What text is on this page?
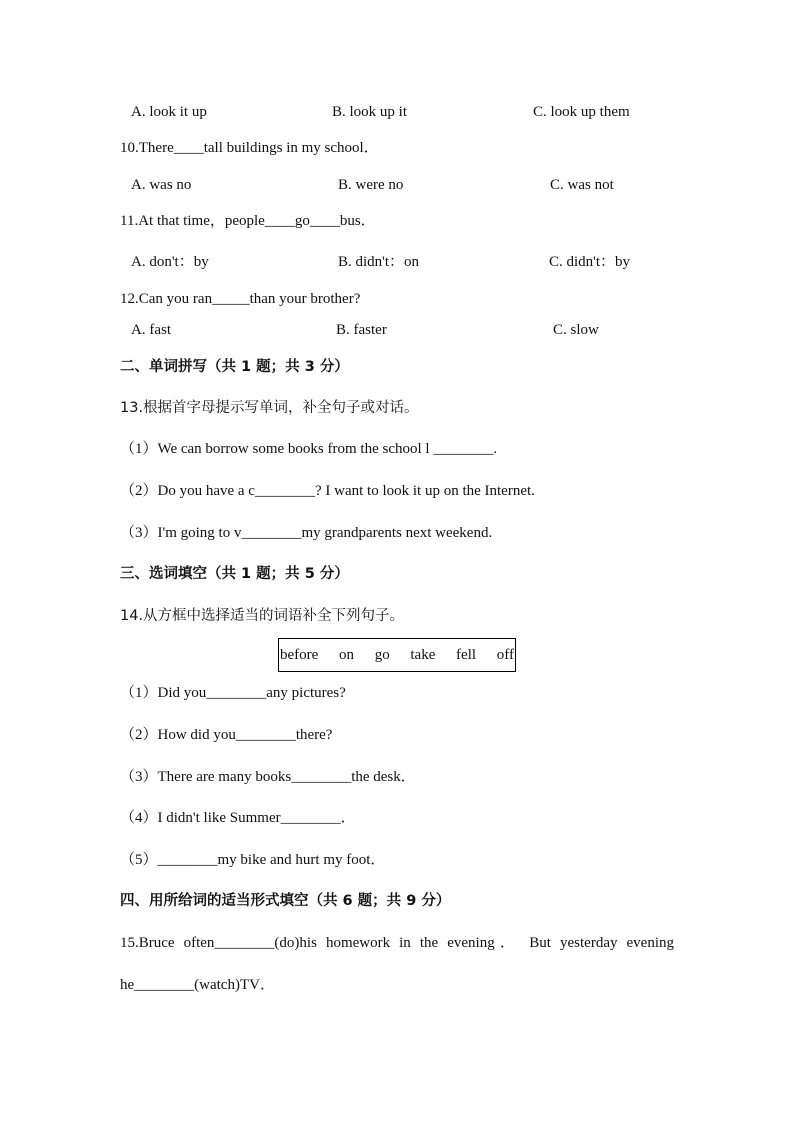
A. look it up	B. look up it	C. look up them
10.There____tall buildings in my school．
A. was no	B. were no	C. was not
11.At that time，people____go____bus．
A. don't：by	B. didn't：on	C. didn't：by
12.Can you ran_____than your brother?
A. fast	B. faster	C. slow
二、单词拼写（共 1 题；共 3 分）
13.根据首字母提示写单词，补全句子或对话。
（1）We can borrow some books from the school l ________.
（2）Do you have a c________? I want to look it up on the Internet.
（3）I'm going to v________my grandparents next weekend.
三、选词填空（共 1 题；共 5 分）
14.从方框中选择适当的词语补全下列句子。
before on go take fell off
（1）Did you________any pictures?
（2）How did you________there?
（3）There are many books________the desk．
（4）I didn't like Summer________．
（5）________my bike and hurt my foot．
四、用所给词的适当形式填空（共 6 题；共 9 分）
15.Bruce often________(do)his homework in the evening． But yesterday evening
he________(watch)TV．
